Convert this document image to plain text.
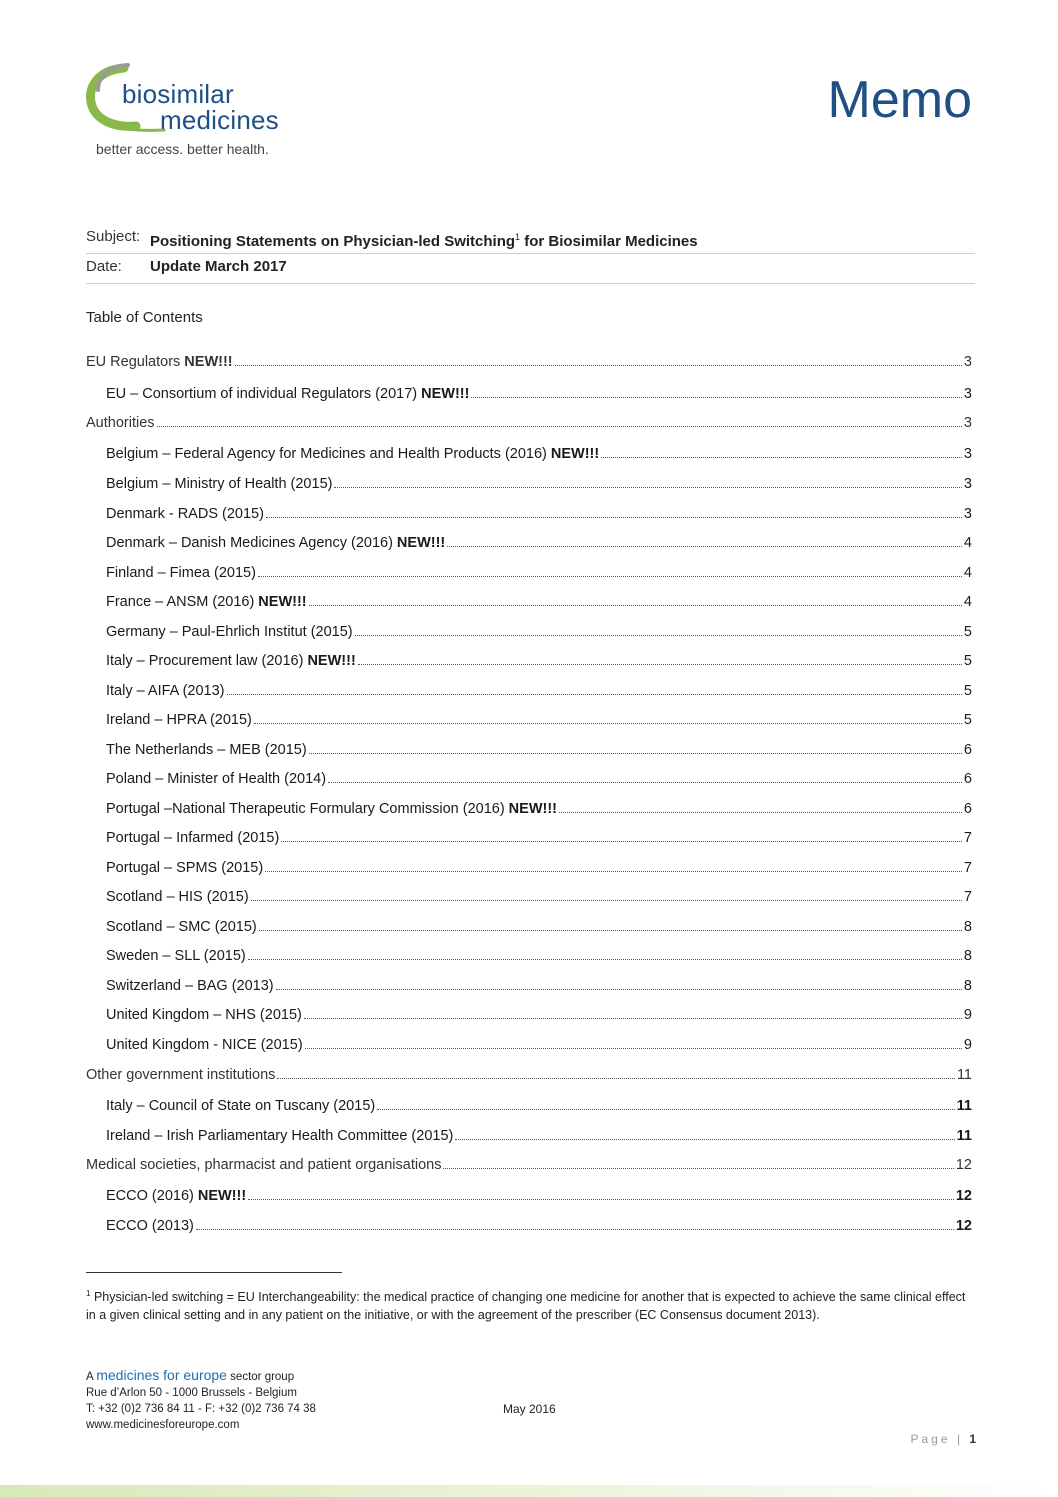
biosimilar
medicines
better access. better health.
Memo
Subject: Positioning Statements on Physician-led Switching$^1$ for Biosimilar Medicines
Date: Update March 2017
Table of Contents
EU Regulators NEW!!!	3
EU – Consortium of individual Regulators (2017) NEW!!!	3
Authorities	3
Belgium – Federal Agency for Medicines and Health Products (2016) NEW!!!	3
Belgium – Ministry of Health (2015)	3
Denmark - RADS (2015)	3
Denmark – Danish Medicines Agency (2016) NEW!!!	4
Finland – Fimea (2015)	4
France – ANSM (2016) NEW!!!	4
Germany – Paul-Ehrlich Institut (2015)	5
Italy – Procurement law (2016) NEW!!!	5
Italy – AIFA (2013)	5
Ireland – HPRA (2015)	5
The Netherlands – MEB (2015)	6
Poland – Minister of Health (2014)	6
Portugal –National Therapeutic Formulary Commission (2016) NEW!!!	6
Portugal – Infarmed (2015)	7
Portugal – SPMS (2015)	7
Scotland – HIS (2015)	7
Scotland – SMC (2015)	8
Sweden – SLL (2015)	8
Switzerland – BAG (2013)	8
United Kingdom – NHS (2015)	9
United Kingdom - NICE (2015)	9
Other government institutions	11
Italy – Council of State on Tuscany (2015)	11
Ireland – Irish Parliamentary Health Committee (2015)	11
Medical societies, pharmacist and patient organisations	12
ECCO (2016) NEW!!!	12
ECCO (2013)	12
$^1$ Physician-led switching = EU Interchangeability: the medical practice of changing one medicine for another that is expected to achieve the same clinical effect in a given clinical setting and in any patient on the initiative, or with the agreement of the prescriber (EC Consensus document 2013).
A medicines for europe sector group
Rue d’Arlon 50 - 1000 Brussels - Belgium
T: +32 (0)2 736 84 11 - F: +32 (0)2 736 74 38
www.medicinesforeurope.com
May 2016
Page | 1
